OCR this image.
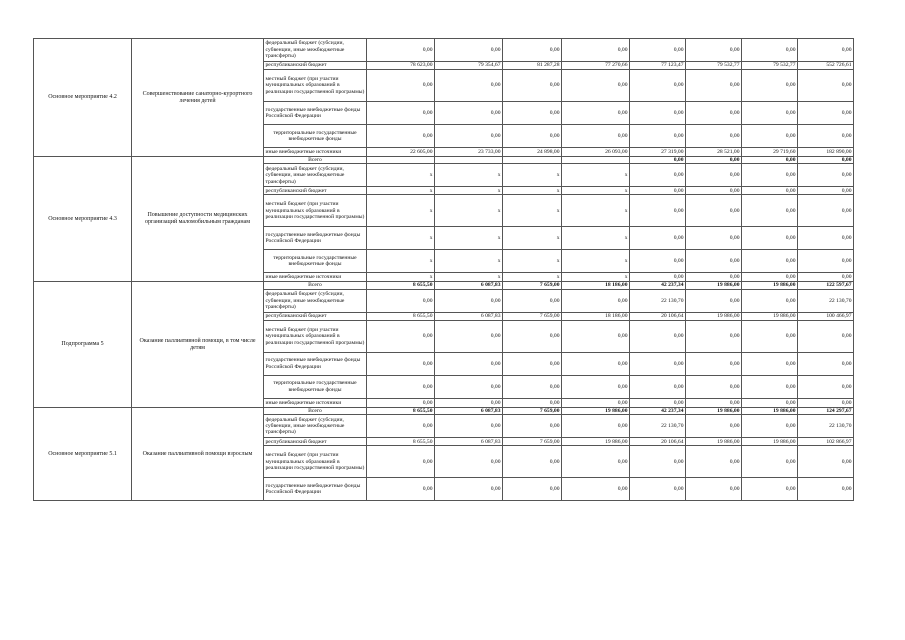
Основное мероприятие 4.2	Совершенствование санаторно-курортного лечения детей	федеральный бюджет (субсидии, субвенции, иные межбюджетные трансферты)	0,00	0,00	0,00	0,00	0,00	0,00	0,00	0,00
		республиканский бюджет	78 623,00	79 354,67	81 287,28	77 270,66	77 123,47	79 532,77	79 532,77	552 726,61
		местный бюджет (при участии муниципальных образований в реализации государственной программы)	0,00	0,00	0,00	0,00	0,00	0,00	0,00	0,00
		государственные внебюджетные фонды Российской Федерации	0,00	0,00	0,00	0,00	0,00	0,00	0,00	0,00
		территориальные государственные внебюджетные фонды	0,00	0,00	0,00	0,00	0,00	0,00	0,00	0,00
		иные внебюджетные источники	22 605,00	23 733,00	24 898,00	26 093,00	27 319,00	28 521,00	29 719,60	182 890,00
Основное мероприятие 4.3	Повышение доступности медицинских организаций маломобильным гражданам	Всего					0,00	0,00	0,00	0,00
		федеральный бюджет (субсидии, субвенции, иные межбюджетные трансферты)	х	х	х	х	0,00	0,00	0,00	0,00
		республиканский бюджет	х	х	х	х	0,00	0,00	0,00	0,00
		местный бюджет (при участии муниципальных образований в реализации государственной программы)	х	х	х	х	0,00	0,00	0,00	0,00
		государственные внебюджетные фонды Российской Федерации	х	х	х	х	0,00	0,00	0,00	0,00
		территориальные государственные внебюджетные фонды	х	х	х	х	0,00	0,00	0,00	0,00
		иные внебюджетные источники	х	х	х	х	0,00	0,00	0,00	0,00
Подпрограмма 5	Оказание паллиативной помощи, в том числе детям	Всего	8 655,50	6 087,83	7 659,00	18 186,00	42 237,34	19 886,00	19 886,00	122 597,67
		федеральный бюджет (субсидии, субвенции, иные межбюджетные трансферты)	0,00	0,00	0,00	0,00	22 130,70	0,00	0,00	22 130,70
		республиканский бюджет	8 655,50	6 087,83	7 659,00	18 186,00	20 106,64	19 886,00	19 886,00	100 466,97
		местный бюджет (при участии муниципальных образований в реализации государственной программы)	0,00	0,00	0,00	0,00	0,00	0,00	0,00	0,00
		государственные внебюджетные фонды Российской Федерации	0,00	0,00	0,00	0,00	0,00	0,00	0,00	0,00
		территориальные государственные внебюджетные фонды	0,00	0,00	0,00	0,00	0,00	0,00	0,00	0,00
		иные внебюджетные источники	0,00	0,00	0,00	0,00	0,00	0,00	0,00	0,00
Основное мероприятие 5.1	Оказание паллиативной помощи взрослым	Всего	8 655,50	6 087,83	7 659,00	19 886,00	42 237,34	19 886,00	19 886,00	124 297,67
		федеральный бюджет (субсидии, субвенции, иные межбюджетные трансферты)	0,00	0,00	0,00	0,00	22 130,70	0,00	0,00	22 130,70
		республиканский бюджет	8 655,50	6 087,83	7 659,00	19 886,00	20 106,64	19 886,00	19 886,00	102 866,97
		местный бюджет (при участии муниципальных образований в реализации государственной программы)	0,00	0,00	0,00	0,00	0,00	0,00	0,00	0,00
		государственные внебюджетные фонды Российской Федерации	0,00	0,00	0,00	0,00	0,00	0,00	0,00	0,00
